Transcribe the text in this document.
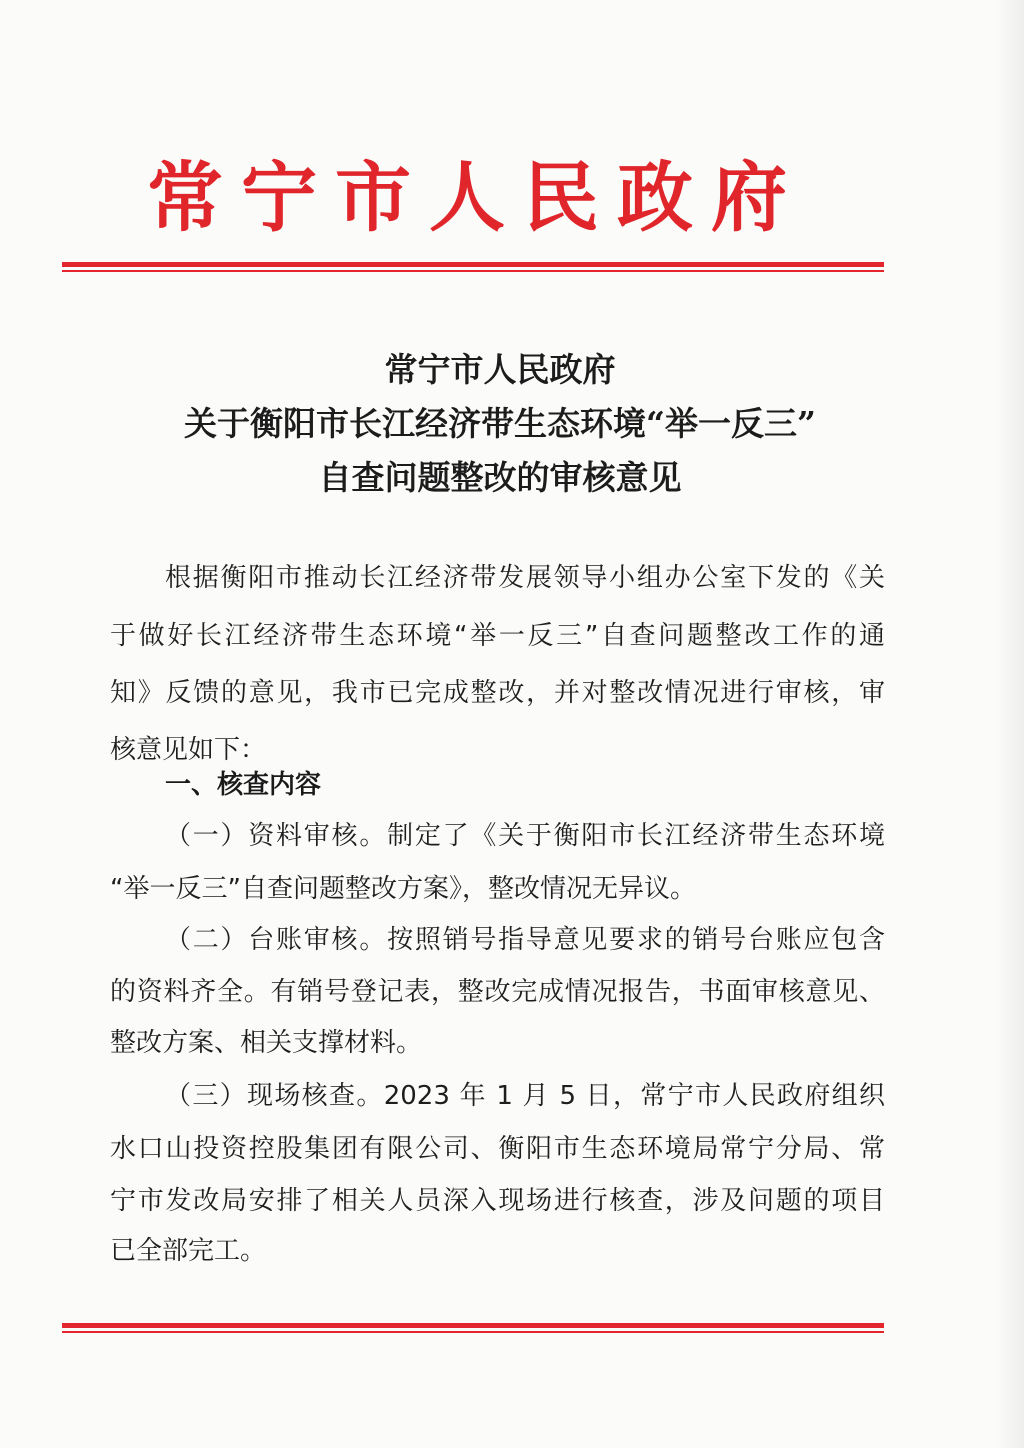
常宁市人民政府
常宁市人民政府
关于衡阳市长江经济带生态环境“举一反三”
自查问题整改的审核意见
根据衡阳市推动长江经济带发展领导小组办公室下发的《关
于做好长江经济带生态环境“举一反三”自查问题整改工作的通
知》反馈的意见，我市已完成整改，并对整改情况进行审核，审
核意见如下：
一、核查内容
（一）资料审核。制定了《关于衡阳市长江经济带生态环境
“举一反三”自查问题整改方案》，整改情况无异议。
（二）台账审核。按照销号指导意见要求的销号台账应包含
的资料齐全。有销号登记表，整改完成情况报告，书面审核意见、
整改方案、相关支撑材料。
（三）现场核查。2023 年 1 月 5 日，常宁市人民政府组织
水口山投资控股集团有限公司、衡阳市生态环境局常宁分局、常
宁市发改局安排了相关人员深入现场进行核查，涉及问题的项目
已全部完工。
